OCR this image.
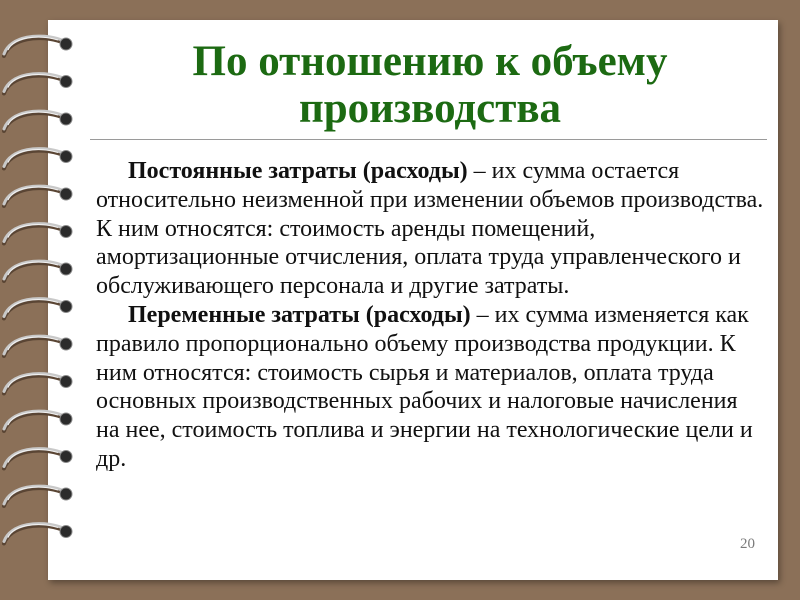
По отношению к объему производства

Постоянные затраты (расходы) – их сумма остается относительно неизменной при изменении объемов производства. К ним относятся: стоимость аренды помещений, амортизационные отчисления, оплата труда управленческого и обслуживающего персонала и другие затраты.

Переменные затраты (расходы) – их сумма изменяется как правило пропорционально объему производства продукции. К ним относятся: стоимость сырья и материалов, оплата труда основных производственных рабочих и налоговые начисления на нее, стоимость топлива и энергии на технологические цели и др.

20
